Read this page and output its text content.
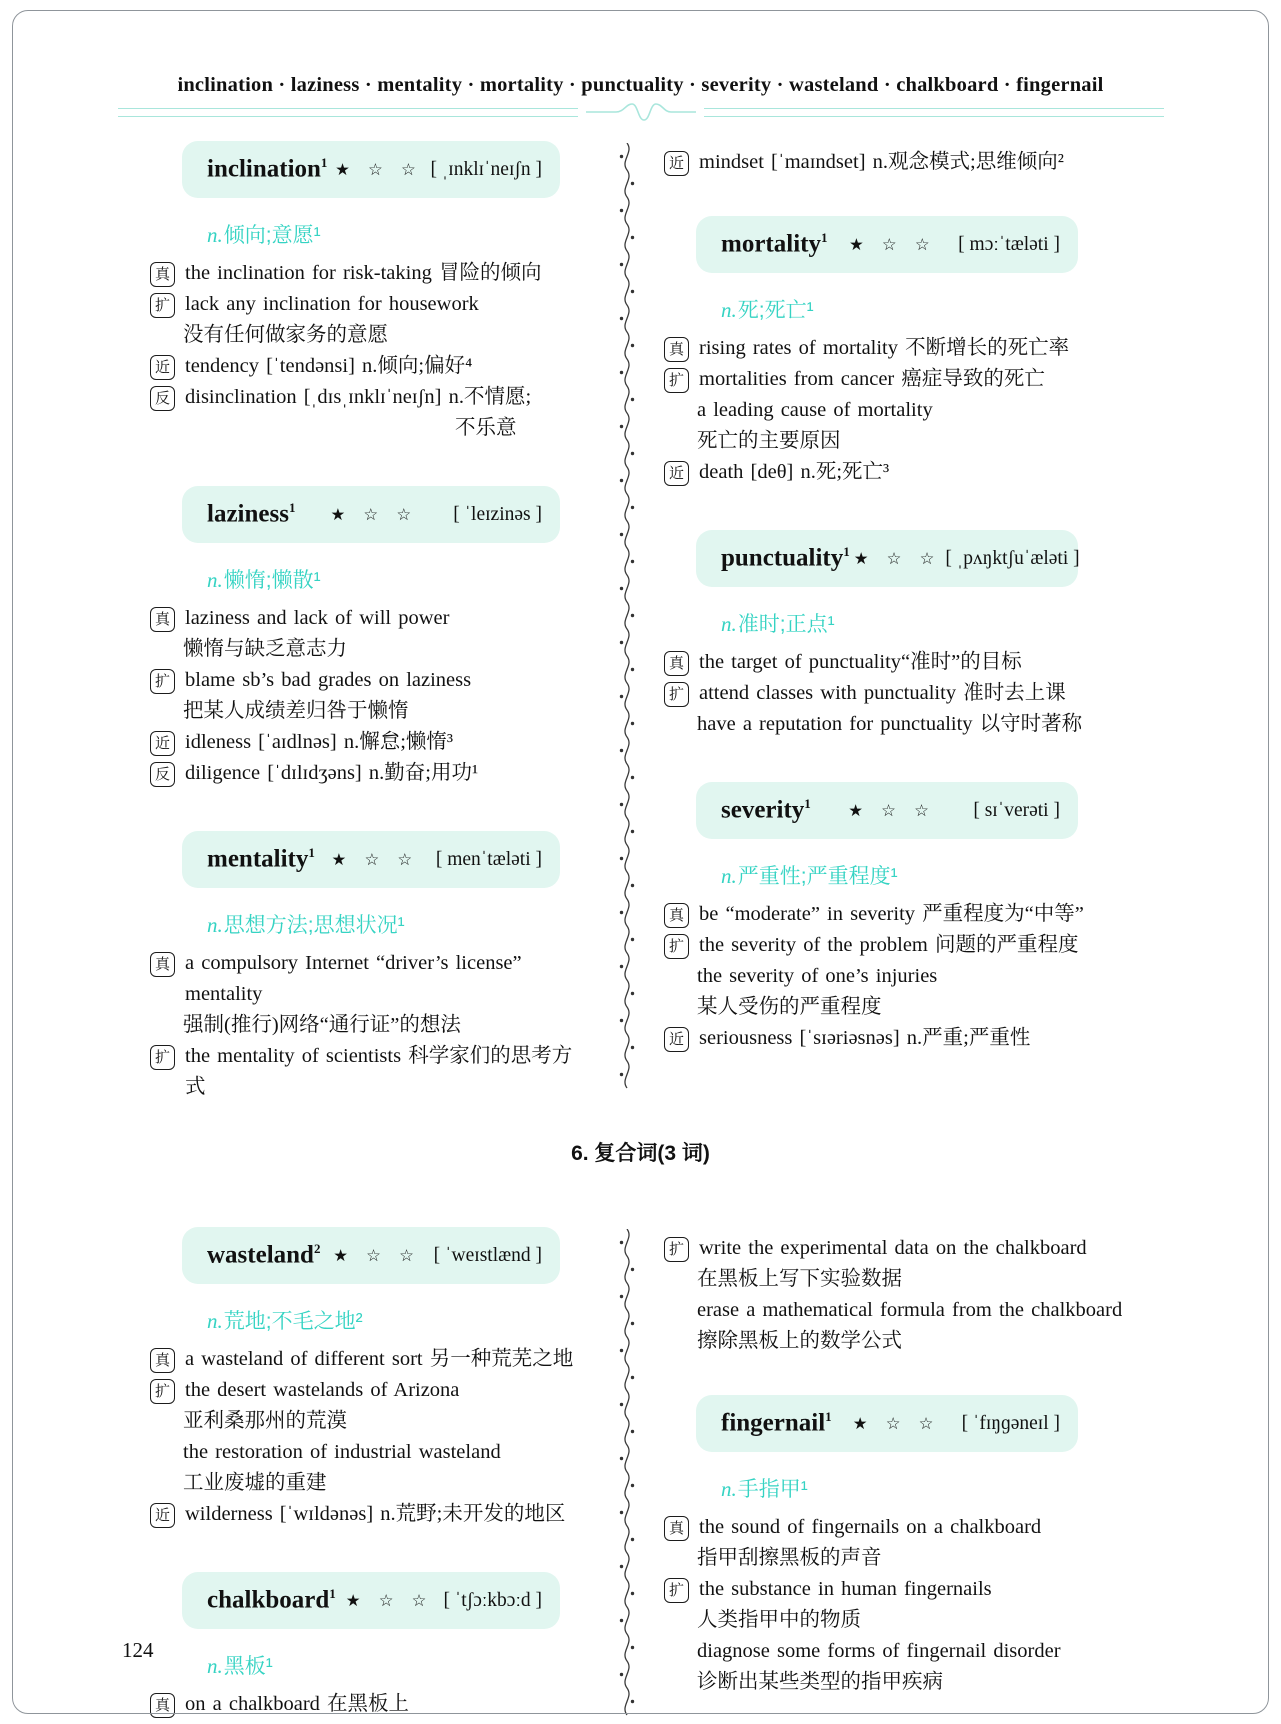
inclination · laziness · mentality · mortality · punctuality · severity · wasteland · chalkboard · fingernail
inclination$^1$ ★ ☆ ☆ [ ˌɪnklɪˈneɪʃn ]
n.倾向;意愿¹
真 the inclination for risk-taking 冒险的倾向
扩 lack any inclination for housework
没有任何做家务的意愿
近 tendency [ˈtendənsi] n.倾向;偏好⁴
反 disinclination [ˌdɪsˌɪnklɪˈneɪʃn] n.不情愿;
不乐意
laziness$^1$ ★ ☆ ☆ [ ˈleɪzinəs ]
n.懒惰;懒散¹
真 laziness and lack of will power
懒惰与缺乏意志力
扩 blame sb’s bad grades on laziness
把某人成绩差归咎于懒惰
近 idleness [ˈaɪdlnəs] n.懈怠;懒惰³
反 diligence [ˈdɪlɪdʒəns] n.勤奋;用功¹
mentality$^1$ ★ ☆ ☆ [ menˈtæləti ]
n.思想方法;思想状况¹
真 a compulsory Internet “driver’s license” mentality
强制(推行)网络“通行证”的想法
扩 the mentality of scientists 科学家们的思考方式
近 mindset [ˈmaɪndset] n.观念模式;思维倾向²
mortality$^1$ ★ ☆ ☆ [ mɔːˈtæləti ]
n.死;死亡¹
真 rising rates of mortality 不断增长的死亡率
扩 mortalities from cancer 癌症导致的死亡
a leading cause of mortality
死亡的主要原因
近 death [deθ] n.死;死亡³
punctuality$^1$ ★ ☆ ☆ [ ˌpʌŋktʃuˈæləti ]
n.准时;正点¹
真 the target of punctuality“准时”的目标
扩 attend classes with punctuality 准时去上课
have a reputation for punctuality 以守时著称
severity$^1$ ★ ☆ ☆ [ sɪˈverəti ]
n.严重性;严重程度¹
真 be “moderate” in severity 严重程度为“中等”
扩 the severity of the problem 问题的严重程度
the severity of one’s injuries
某人受伤的严重程度
近 seriousness [ˈsɪəriəsnəs] n.严重;严重性
6. 复合词(3 词)
wasteland$^2$ ★ ☆ ☆ [ ˈweɪstlænd ]
n.荒地;不毛之地²
真 a wasteland of different sort 另一种荒芜之地
扩 the desert wastelands of Arizona
亚利桑那州的荒漠
the restoration of industrial wasteland
工业废墟的重建
近 wilderness [ˈwɪldənəs] n.荒野;未开发的地区
chalkboard$^1$ ★ ☆ ☆ [ ˈtʃɔːkbɔːd ]
n.黑板¹
真 on a chalkboard 在黑板上
扩 write the experimental data on the chalkboard
在黑板上写下实验数据
erase a mathematical formula from the chalkboard
擦除黑板上的数学公式
fingernail$^1$ ★ ☆ ☆ [ ˈfɪŋɡəneɪl ]
n.手指甲¹
真 the sound of fingernails on a chalkboard
指甲刮擦黑板的声音
扩 the substance in human fingernails
人类指甲中的物质
diagnose some forms of fingernail disorder
诊断出某些类型的指甲疾病
124
